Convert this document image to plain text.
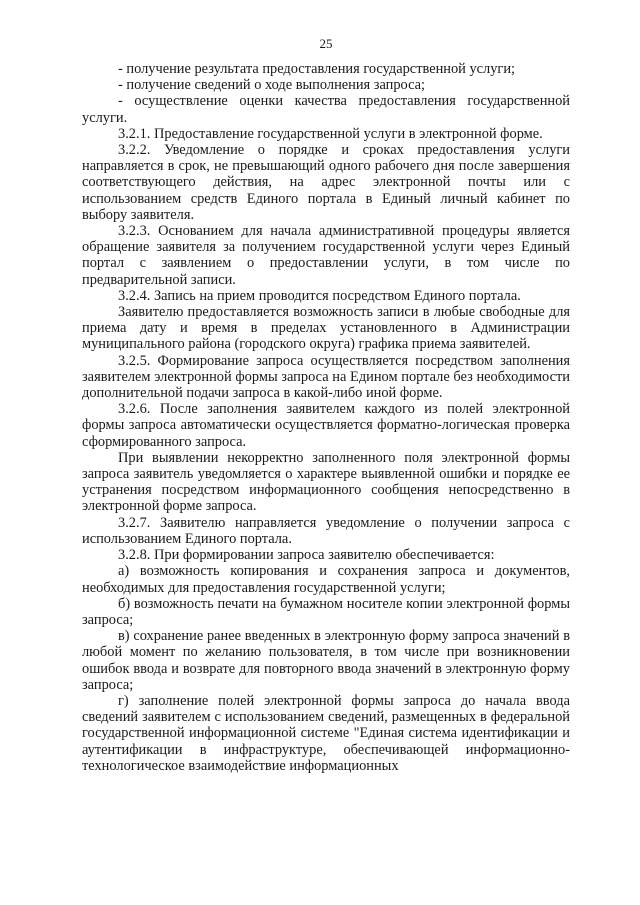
25

- получение результата предоставления государственной услуги;

- получение сведений о ходе выполнения запроса;

- осуществление оценки качества предоставления государственной услуги.

3.2.1. Предоставление государственной услуги в электронной форме.

3.2.2. Уведомление о порядке и сроках предоставления услуги направляется в срок, не превышающий одного рабочего дня после завершения соответствующего действия, на адрес электронной почты или с использованием средств Единого портала в Единый личный кабинет по выбору заявителя.

3.2.3. Основанием для начала административной процедуры является обращение заявителя за получением государственной услуги через Единый портал с заявлением о предоставлении услуги, в том числе по предварительной записи.

3.2.4. Запись на прием проводится посредством Единого портала.

Заявителю предоставляется возможность записи в любые свободные для приема дату и время в пределах установленного в Администрации муниципального района (городского округа) графика приема заявителей.

3.2.5. Формирование запроса осуществляется посредством заполнения заявителем электронной формы запроса на Едином портале без необходимости дополнительной подачи запроса в какой-либо иной форме.

3.2.6. После заполнения заявителем каждого из полей электронной формы запроса автоматически осуществляется форматно-логическая проверка сформированного запроса.

При выявлении некорректно заполненного поля электронной формы запроса заявитель уведомляется о характере выявленной ошибки и порядке ее устранения посредством информационного сообщения непосредственно в электронной форме запроса.

3.2.7. Заявителю направляется уведомление о получении запроса с использованием Единого портала.

3.2.8. При формировании запроса заявителю обеспечивается:

а) возможность копирования и сохранения запроса и документов, необходимых для предоставления государственной услуги;

б) возможность печати на бумажном носителе копии электронной формы запроса;

в) сохранение ранее введенных в электронную форму запроса значений в любой момент по желанию пользователя, в том числе при возникновении ошибок ввода и возврате для повторного ввода значений в электронную форму запроса;

г) заполнение полей электронной формы запроса до начала ввода сведений заявителем с использованием сведений, размещенных в федеральной государственной информационной системе "Единая система идентификации и аутентификации в инфраструктуре, обеспечивающей информационно-технологическое взаимодействие информационных
